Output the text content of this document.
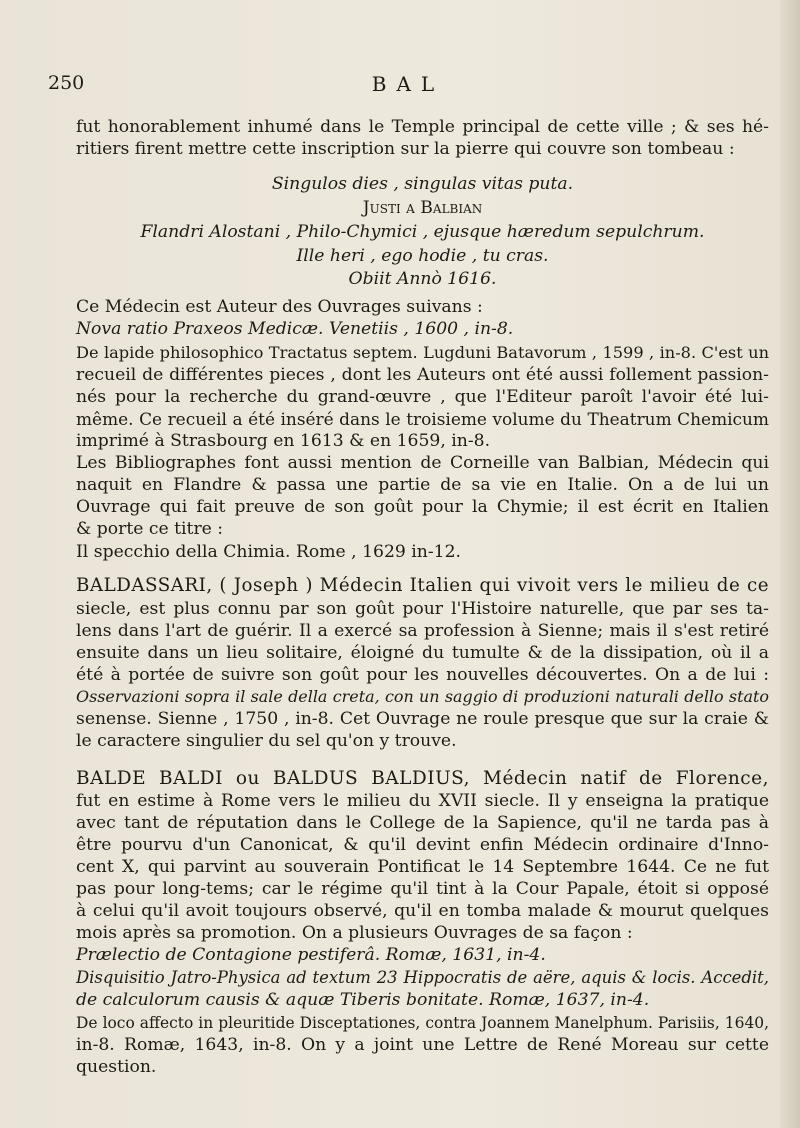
250	BAL
fut honorablement inhumé dans le Temple principal de cette ville ; & ses hé-
ritiers firent mettre cette inscription sur la pierre qui couvre son tombeau :
Singulos dies , singulas vitas puta.
Justi a Balbian
Flandri Alostani , Philo-Chymici , ejusque hæredum sepulchrum.
Ille heri , ego hodie , tu cras.
Obiit Annò 1616.
Ce Médecin est Auteur des Ouvrages suivans :
Nova ratio Praxeos Medicæ. Venetiis , 1600 , in-8.
De lapide philosophico Tractatus septem. Lugduni Batavorum , 1599 , in-8. C'est un
recueil de différentes pieces , dont les Auteurs ont été aussi follement passion-
nés pour la recherche du grand-œuvre , que l'Editeur paroît l'avoir été lui-
même. Ce recueil a été inséré dans le troisieme volume du Theatrum Chemicum
imprimé à Strasbourg en 1613 & en 1659, in-8.
Les Bibliographes font aussi mention de Corneille van Balbian, Médecin qui
naquit en Flandre & passa une partie de sa vie en Italie. On a de lui un
Ouvrage qui fait preuve de son goût pour la Chymie; il est écrit en Italien
& porte ce titre :
Il specchio della Chimia. Rome , 1629 in-12.
BALDASSARI, ( Joseph ) Médecin Italien qui vivoit vers le milieu de ce
siecle, est plus connu par son goût pour l'Histoire naturelle, que par ses ta-
lens dans l'art de guérir. Il a exercé sa profession à Sienne; mais il s'est retiré
ensuite dans un lieu solitaire, éloigné du tumulte & de la dissipation, où il a
été à portée de suivre son goût pour les nouvelles découvertes. On a de lui :
Osservazioni sopra il sale della creta, con un saggio di produzioni naturali dello stato
senense. Sienne , 1750 , in-8. Cet Ouvrage ne roule presque que sur la craie &
le caractere singulier du sel qu'on y trouve.
BALDE BALDI ou BALDUS BALDIUS, Médecin natif de Florence,
fut en estime à Rome vers le milieu du XVII siecle. Il y enseigna la pratique
avec tant de réputation dans le College de la Sapience, qu'il ne tarda pas à
être pourvu d'un Canonicat, & qu'il devint enfin Médecin ordinaire d'Inno-
cent X, qui parvint au souverain Pontificat le 14 Septembre 1644. Ce ne fut
pas pour long-tems; car le régime qu'il tint à la Cour Papale, étoit si opposé
à celui qu'il avoit toujours observé, qu'il en tomba malade & mourut quelques
mois après sa promotion. On a plusieurs Ouvrages de sa façon :
Prælectio de Contagione pestiferâ. Romæ, 1631, in-4.
Disquisitio Jatro-Physica ad textum 23 Hippocratis de aëre, aquis & locis. Accedit,
de calculorum causis & aquæ Tiberis bonitate. Romæ, 1637, in-4.
De loco affecto in pleuritide Disceptationes, contra Joannem Manelphum. Parisiis, 1640,
in-8. Romæ, 1643, in-8. On y a joint une Lettre de René Moreau sur cette
question.
